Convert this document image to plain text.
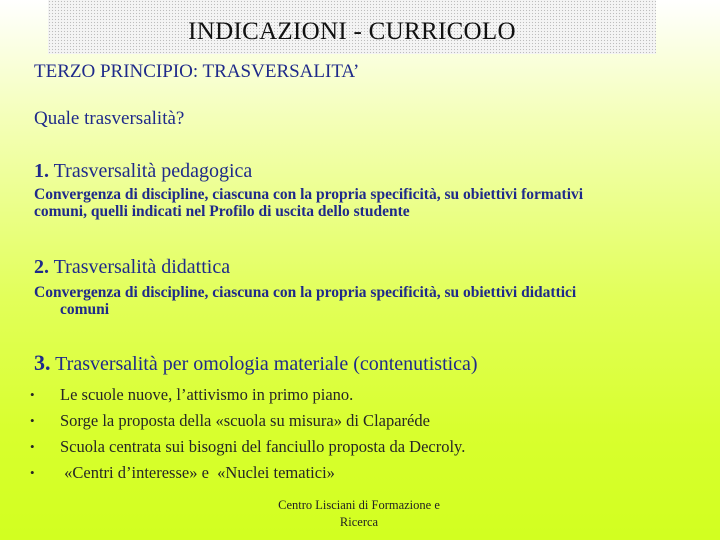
INDICAZIONI - CURRICOLO
TERZO PRINCIPIO: TRASVERSALITA’
Quale trasversalità?
1. Trasversalità pedagogica
Convergenza di discipline, ciascuna con la propria specificità, su obiettivi formativi
comuni, quelli indicati nel Profilo di uscita dello studente
2. Trasversalità didattica
Convergenza di discipline, ciascuna con la propria specificità, su obiettivi didattici
comuni
3. Trasversalità per omologia materiale (contenutistica)
•	Le scuole nuove, l’attivismo in primo piano.
•	Sorge la proposta della «scuola su misura» di Claparéde
•	Scuola centrata sui bisogni del fanciullo proposta da Decroly.
•	«Centri d’interesse» e  «Nuclei tematici»
Centro Lisciani di Formazione e
Ricerca
